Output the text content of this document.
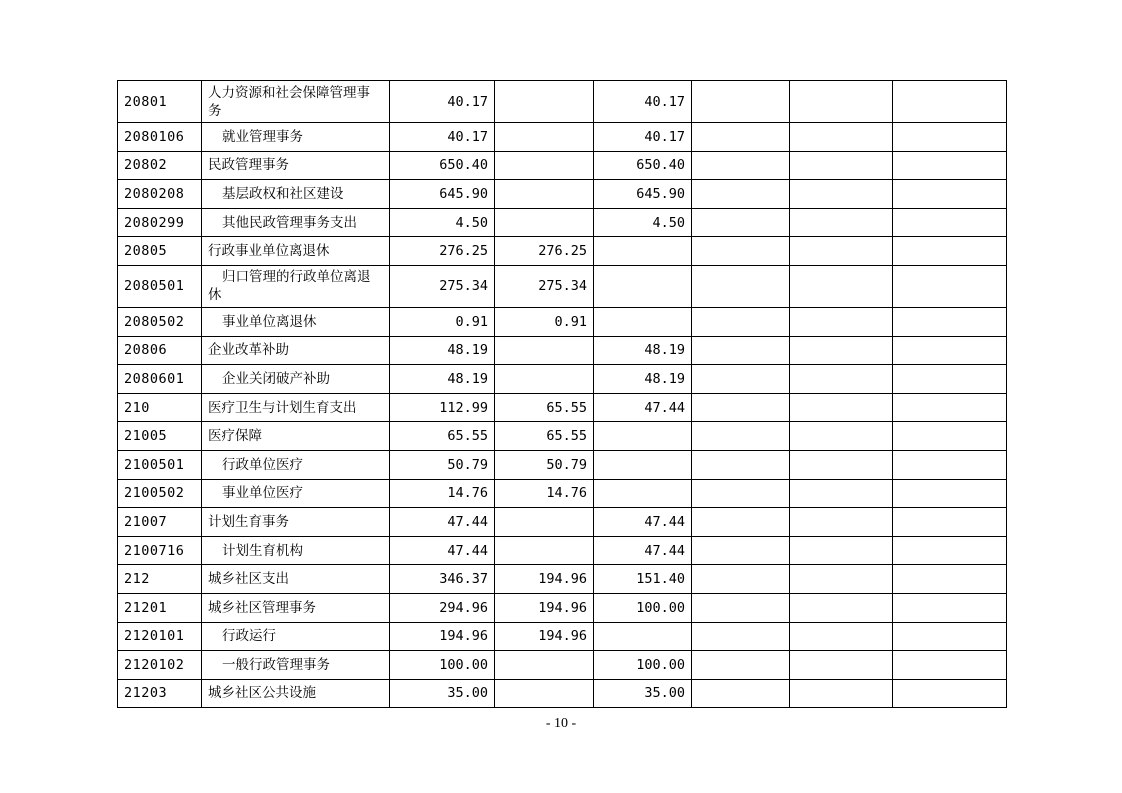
20801	人力资源和社会保障管理事务	40.17		40.17			
2080106	就业管理事务	40.17		40.17			
20802	民政管理事务	650.40		650.40			
2080208	基层政权和社区建设	645.90		645.90			
2080299	其他民政管理事务支出	4.50		4.50			
20805	行政事业单位离退休	276.25	276.25				
2080501	归口管理的行政单位离退休	275.34	275.34				
2080502	事业单位离退休	0.91	0.91				
20806	企业改革补助	48.19		48.19			
2080601	企业关闭破产补助	48.19		48.19			
210	医疗卫生与计划生育支出	112.99	65.55	47.44			
21005	医疗保障	65.55	65.55				
2100501	行政单位医疗	50.79	50.79				
2100502	事业单位医疗	14.76	14.76				
21007	计划生育事务	47.44		47.44			
2100716	计划生育机构	47.44		47.44			
212	城乡社区支出	346.37	194.96	151.40			
21201	城乡社区管理事务	294.96	194.96	100.00			
2120101	行政运行	194.96	194.96				
2120102	一般行政管理事务	100.00		100.00			
21203	城乡社区公共设施	35.00		35.00			
- 10 -
